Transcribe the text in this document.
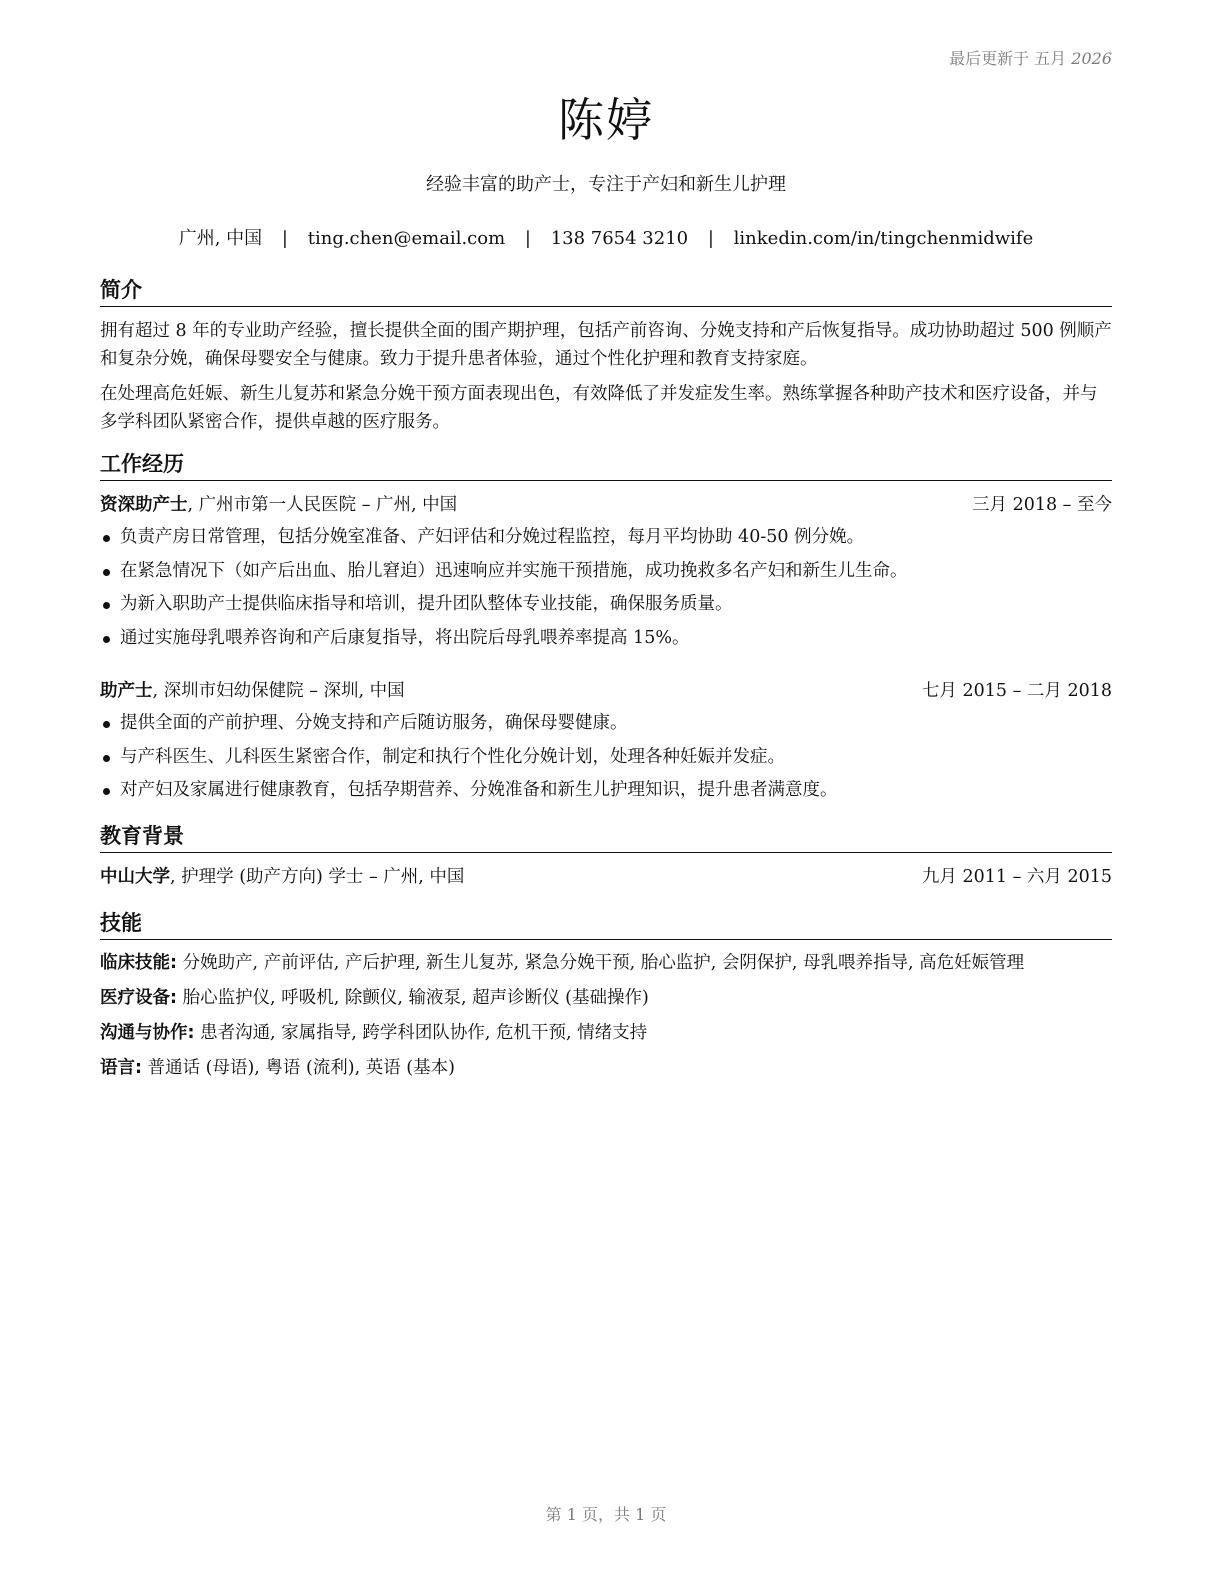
最后更新于 五月 2026
陈婷
经验丰富的助产士，专注于产妇和新生儿护理
广州, 中国 | ting.chen@email.com | 138 7654 3210 | linkedin.com/in/tingchenmidwife
简介

拥有超过 8 年的专业助产经验，擅长提供全面的围产期护理，包括产前咨询、分娩支持和产后恢复指导。成功协助超过 500 例顺产和复杂分娩，确保母婴安全与健康。致力于提升患者体验，通过个性化护理和教育支持家庭。

在处理高危妊娠、新生儿复苏和紧急分娩干预方面表现出色，有效降低了并发症发生率。熟练掌握各种助产技术和医疗设备，并与多学科团队紧密合作，提供卓越的医疗服务。

工作经历
资深助产士, 广州市第一人民医院 – 广州, 中国	三月 2018 – 至今
负责产房日常管理，包括分娩室准备、产妇评估和分娩过程监控，每月平均协助 40-50 例分娩。
在紧急情况下（如产后出血、胎儿窘迫）迅速响应并实施干预措施，成功挽救多名产妇和新生儿生命。
为新入职助产士提供临床指导和培训，提升团队整体专业技能，确保服务质量。
通过实施母乳喂养咨询和产后康复指导，将出院后母乳喂养率提高 15%。
助产士, 深圳市妇幼保健院 – 深圳, 中国	七月 2015 – 二月 2018
提供全面的产前护理、分娩支持和产后随访服务，确保母婴健康。
与产科医生、儿科医生紧密合作，制定和执行个性化分娩计划，处理各种妊娠并发症。
对产妇及家属进行健康教育，包括孕期营养、分娩准备和新生儿护理知识，提升患者满意度。
教育背景
中山大学, 护理学 (助产方向) 学士 – 广州, 中国	九月 2011 – 六月 2015
技能

临床技能: 分娩助产, 产前评估, 产后护理, 新生儿复苏, 紧急分娩干预, 胎心监护, 会阴保护, 母乳喂养指导, 高危妊娠管理

医疗设备: 胎心监护仪, 呼吸机, 除颤仪, 输液泵, 超声诊断仪 (基础操作)

沟通与协作: 患者沟通, 家属指导, 跨学科团队协作, 危机干预, 情绪支持

语言: 普通话 (母语), 粤语 (流利), 英语 (基本)

第 1 页，共 1 页
